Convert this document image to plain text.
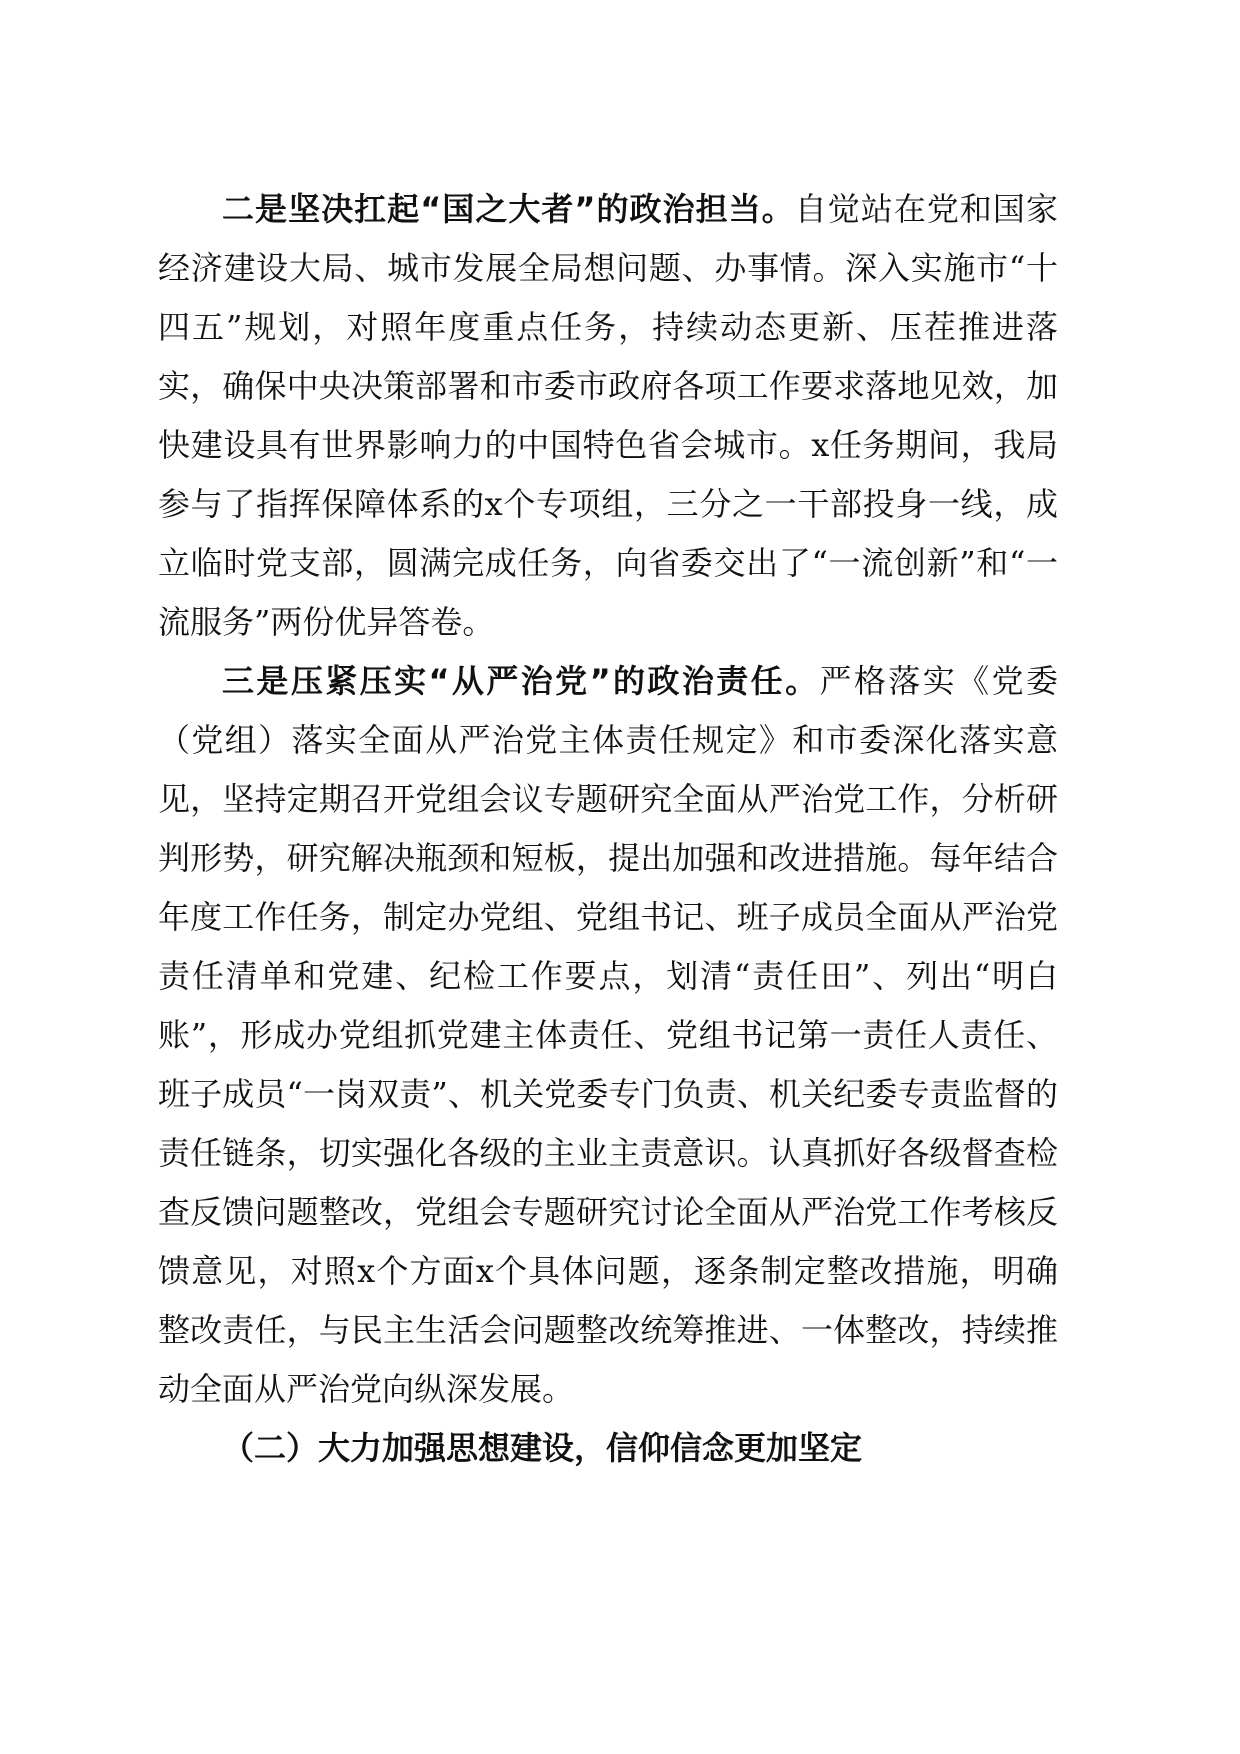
二是坚决扛起“国之大者”的政治担当。自觉站在党和国家经济建设大局、城市发展全局想问题、办事情。深入实施市“十四五”规划，对照年度重点任务，持续动态更新、压茬推进落实，确保中央决策部署和市委市政府各项工作要求落地见效，加快建设具有世界影响力的中国特色省会城市。x任务期间，我局参与了指挥保障体系的x个专项组，三分之一干部投身一线，成立临时党支部，圆满完成任务，向省委交出了“一流创新”和“一流服务”两份优异答卷。

三是压紧压实“从严治党”的政治责任。严格落实《党委（党组）落实全面从严治党主体责任规定》和市委深化落实意见，坚持定期召开党组会议专题研究全面从严治党工作，分析研判形势，研究解决瓶颈和短板，提出加强和改进措施。每年结合年度工作任务，制定办党组、党组书记、班子成员全面从严治党责任清单和党建、纪检工作要点，划清“责任田”、列出“明白账”，形成办党组抓党建主体责任、党组书记第一责任人责任、班子成员“一岗双责”、机关党委专门负责、机关纪委专责监督的责任链条，切实强化各级的主业主责意识。认真抓好各级督查检查反馈问题整改，党组会专题研究讨论全面从严治党工作考核反馈意见，对照x个方面x个具体问题，逐条制定整改措施，明确整改责任，与民主生活会问题整改统筹推进、一体整改，持续推动全面从严治党向纵深发展。

（二）大力加强思想建设，信仰信念更加坚定
